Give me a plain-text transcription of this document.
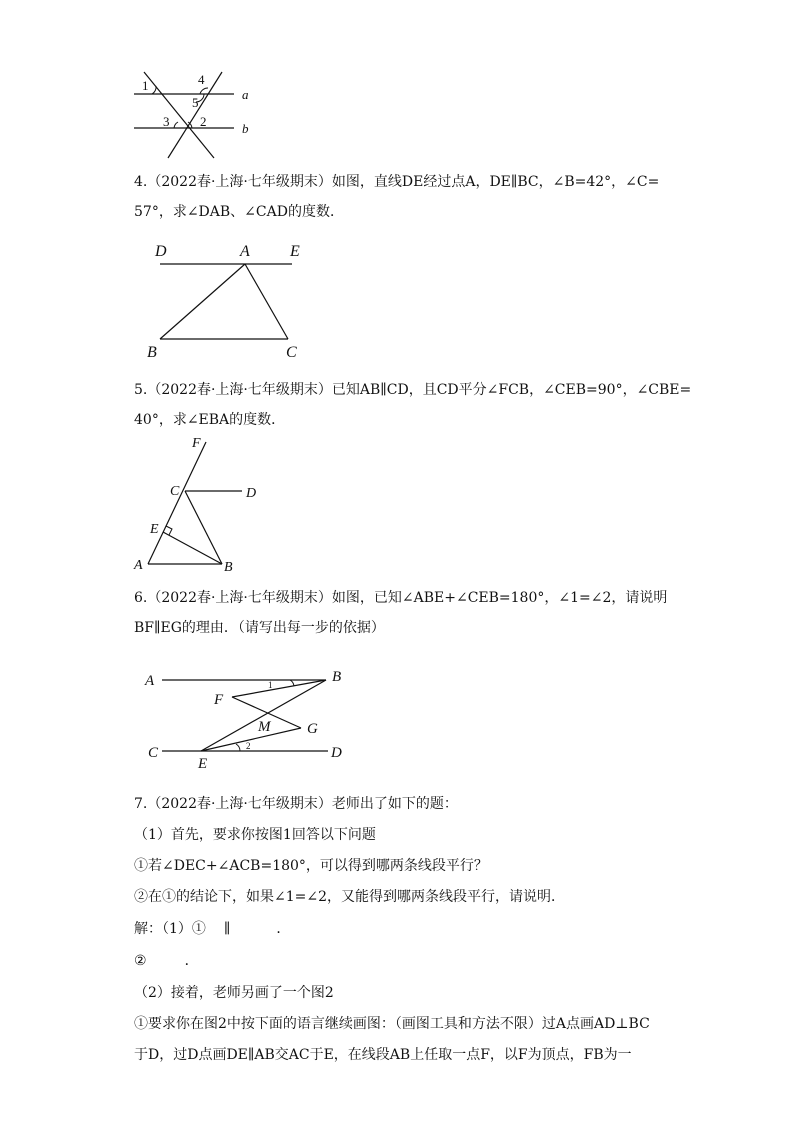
1	4
5
3 2
a
b
4.（2022春·上海·七年级期末）如图，直线DE经过点A，DE∥BC，∠B=42°，∠C=
57°，求∠DAB、∠CAD的度数．
D	A	E
B	C
5.（2022春·上海·七年级期末）已知AB∥CD，且CD平分∠FCB，∠CEB=90°，∠CBE=
40°，求∠EBA的度数．
F
C	D
E
A	B
6.（2022春·上海·七年级期末）如图，已知∠ABE+∠CEB=180°，∠1=∠2，请说明
BF∥EG的理由．（请写出每一步的依据）
A	B
F
M G
C	D
E
1
2
7.（2022春·上海·七年级期末）老师出了如下的题：
（1）首先，要求你按图1回答以下问题
①若∠DEC+∠ACB=180°，可以得到哪两条线段平行？
②在①的结论下，如果∠1=∠2，又能得到哪两条线段平行，请说明．
解：（1）① ∥	．
②	．
（2）接着，老师另画了一个图2
①要求你在图2中按下面的语言继续画图：（画图工具和方法不限）过A点画AD⊥BC
于D，过D点画DE∥AB交AC于E，在线段AB上任取一点F，以F为顶点，FB为一
